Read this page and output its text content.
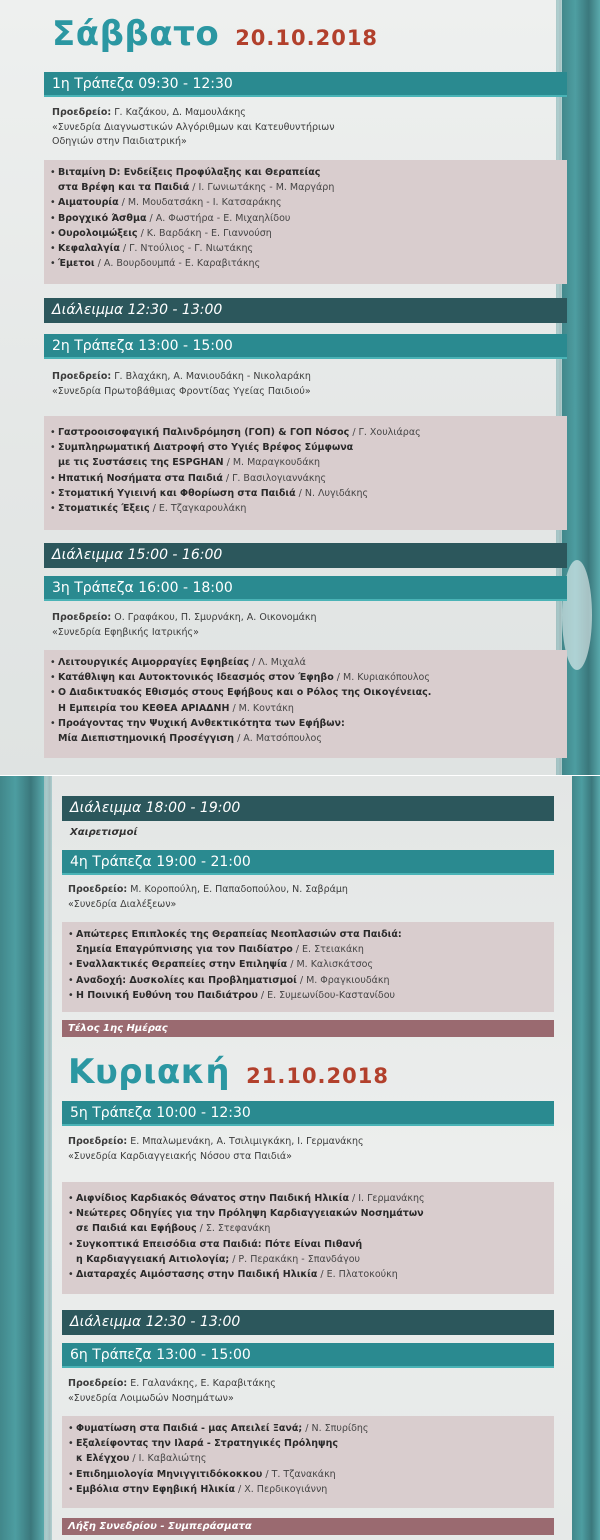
Σάββατο 20.10.2018
1η Τράπεζα 09:30 - 12:30
Προεδρείο: Γ. Καζάκου, Δ. Μαμουλάκης
«Συνεδρία Διαγνωστικών Αλγόριθμων και Κατευθυντήριων
Οδηγιών στην Παιδιατρική»
• Βιταμίνη D: Ενδείξεις Προφύλαξης και Θεραπείας
στα Βρέφη και τα Παιδιά / Ι. Γωνιωτάκης - Μ. Μαργάρη
• Αιματουρία / Μ. Μουδατσάκη - Ι. Κατσαράκης
• Βρογχικό Άσθμα / Α. Φωστήρα - Ε. Μιχαηλίδου
• Ουρολοιμώξεις / Κ. Βαρδάκη - Ε. Γιαννούση
• Κεφαλαλγία / Γ. Ντούλιος - Γ. Νιωτάκης
• Έμετοι / Α. Βουρδουμπά - Ε. Καραβιτάκης
Διάλειμμα 12:30 - 13:00
2η Τράπεζα 13:00 - 15:00
Προεδρείο: Γ. Βλαχάκη, Α. Μανιουδάκη - Νικολαράκη
«Συνεδρία Πρωτοβάθμιας Φροντίδας Υγείας Παιδιού»
• Γαστροοισοφαγική Παλινδρόμηση (ΓΟΠ) & ΓΟΠ Νόσος / Γ. Χουλιάρας
• Συμπληρωματική Διατροφή στο Υγιές Βρέφος Σύμφωνα
με τις Συστάσεις της ESPGHAN / Μ. Μαραγκουδάκη
• Ηπατική Νοσήματα στα Παιδιά / Γ. Βασιλογιαννάκης
• Στοματική Υγιεινή και Φθορίωση στα Παιδιά / Ν. Λυγιδάκης
• Στοματικές Έξεις / Ε. Τζαγκαρουλάκη
Διάλειμμα 15:00 - 16:00
3η Τράπεζα 16:00 - 18:00
Προεδρείο: Ο. Γραφάκου, Π. Σμυρνάκη, Α. Οικονομάκη
«Συνεδρία Εφηβικής Ιατρικής»
• Λειτουργικές Αιμορραγίες Εφηβείας / Λ. Μιχαλά
• Κατάθλιψη και Αυτοκτονικός Ιδεασμός στον Έφηβο / Μ. Κυριακόπουλος
• Ο Διαδικτυακός Εθισμός στους Εφήβους και ο Ρόλος της Οικογένειας.
Η Εμπειρία του ΚΕΘΕΑ ΑΡΙΑΔΝΗ / Μ. Κοντάκη
• Προάγοντας την Ψυχική Ανθεκτικότητα των Εφήβων:
Μία Διεπιστημονική Προσέγγιση / Α. Ματσόπουλος
Διάλειμμα 18:00 - 19:00
Χαιρετισμοί
4η Τράπεζα 19:00 - 21:00
Προεδρείο: Μ. Κοροπούλη, Ε. Παπαδοπούλου, Ν. Σαβράμη
«Συνεδρία Διαλέξεων»
• Απώτερες Επιπλοκές της Θεραπείας Νεοπλασιών στα Παιδιά:
Σημεία Επαγρύπνισης για τον Παιδίατρο / Ε. Στειακάκη
• Εναλλακτικές Θεραπείες στην Επιληψία / Μ. Καλισκάτσος
• Αναδοχή: Δυσκολίες και Προβληματισμοί / Μ. Φραγκιουδάκη
• Η Ποινική Ευθύνη του Παιδιάτρου / Ε. Συμεωνίδου-Καστανίδου
Τέλος 1ης Ημέρας
Κυριακή 21.10.2018
5η Τράπεζα 10:00 - 12:30
Προεδρείο: Ε. Μπαλωμενάκη, Α. Τσιλιμιγκάκη, Ι. Γερμανάκης
«Συνεδρία Καρδιαγγειακής Νόσου στα Παιδιά»
• Αιφνίδιος Καρδιακός Θάνατος στην Παιδική Ηλικία / Ι. Γερμανάκης
• Νεώτερες Οδηγίες για την Πρόληψη Καρδιαγγειακών Νοσημάτων
σε Παιδιά και Εφήβους / Σ. Στεφανάκη
• Συγκοπτικά Επεισόδια στα Παιδιά: Πότε Είναι Πιθανή
η Καρδιαγγειακή Αιτιολογία; / Ρ. Περακάκη - Σπανδάγου
• Διαταραχές Αιμόστασης στην Παιδική Ηλικία / Ε. Πλατοκούκη
Διάλειμμα 12:30 - 13:00
6η Τράπεζα 13:00 - 15:00
Προεδρείο: Ε. Γαλανάκης, Ε. Καραβιτάκης
«Συνεδρία Λοιμωδών Νοσημάτων»
• Φυματίωση στα Παιδιά - μας Απειλεί Ξανά; / Ν. Σπυρίδης
• Εξαλείφοντας την Ιλαρά - Στρατηγικές Πρόληψης
κ Ελέγχου / Ι. Καβαλιώτης
• Επιδημιολογία Μηνιγγιτιδόκοκκου / Τ. Τζανακάκη
• Εμβόλια στην Εφηβική Ηλικία / Χ. Περδικογιάννη
Λήξη Συνεδρίου - Συμπεράσματα
